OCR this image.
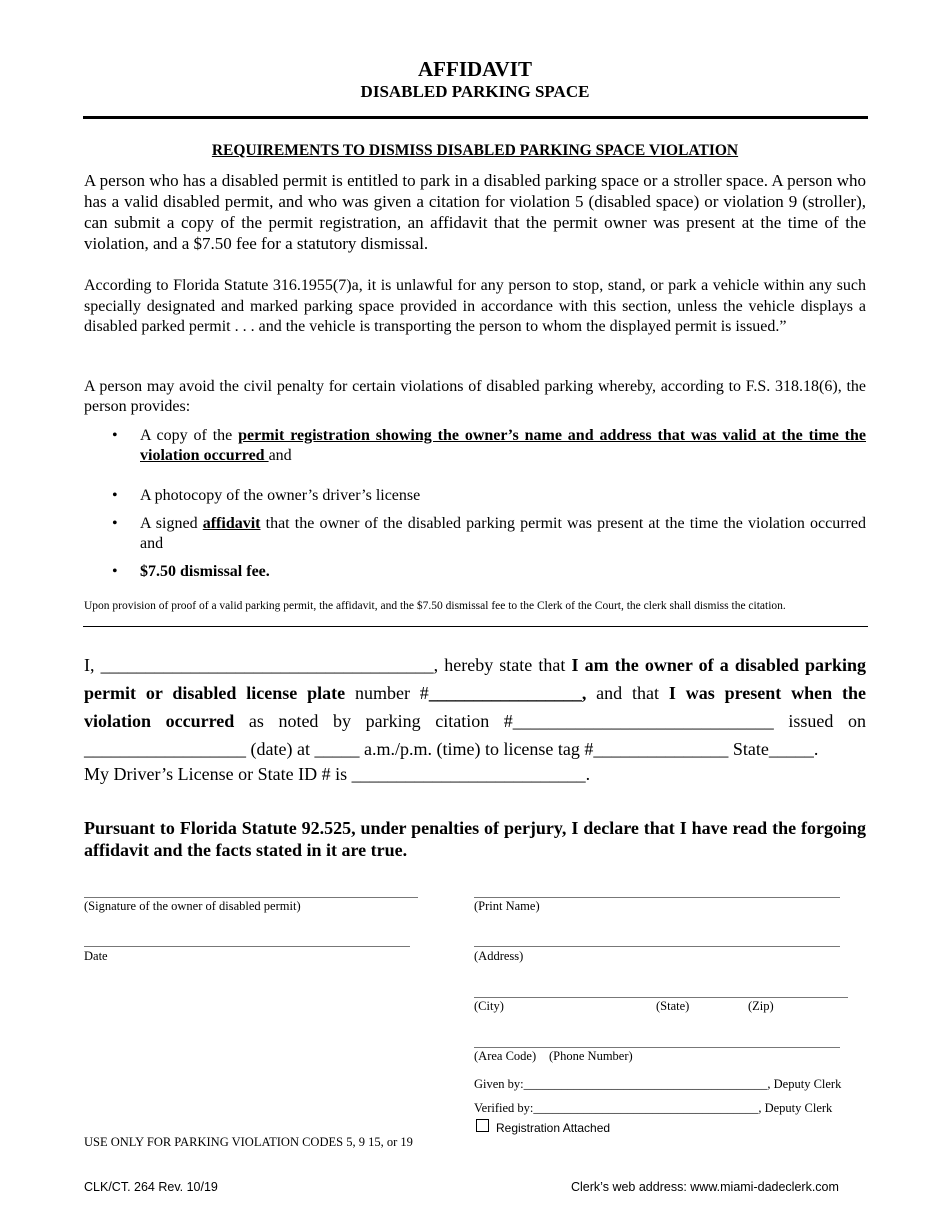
AFFIDAVIT
DISABLED PARKING SPACE
REQUIREMENTS TO DISMISS DISABLED PARKING SPACE VIOLATION
A person who has a disabled permit is entitled to park in a disabled parking space or a stroller space. A person who has a valid disabled permit, and who was given a citation for violation 5 (disabled space) or violation 9 (stroller), can submit a copy of the permit registration, an affidavit that the permit owner was present at the time of the violation, and a $7.50 fee for a statutory dismissal.
According to Florida Statute 316.1955(7)a, it is unlawful for any person to stop, stand, or park a vehicle within any such specially designated and marked parking space provided in accordance with this section, unless the vehicle displays a disabled parked permit . . . and the vehicle is transporting the person to whom the displayed permit is issued.”
A person may avoid the civil penalty for certain violations of disabled parking whereby, according to F.S. 318.18(6), the person provides:
• A copy of the permit registration showing the owner’s name and address that was valid at the time the violation occurred and
• A photocopy of the owner’s driver’s license
• A signed affidavit that the owner of the disabled parking permit was present at the time the violation occurred and
• $7.50 dismissal fee.
Upon provision of proof of a valid parking permit, the affidavit, and the $7.50 dismissal fee to the Clerk of the Court, the clerk shall dismiss the citation.
I, _____________________________________, hereby state that I am the owner of a disabled parking permit or disabled license plate number #_________________, and that I was present when the violation occurred as noted by parking citation #_____________________________ issued on __________________ (date) at _____ a.m./p.m. (time) to license tag #_______________ State_____.
My Driver’s License or State ID # is __________________________.
Pursuant to Florida Statute 92.525, under penalties of perjury, I declare that I have read the forgoing affidavit and the facts stated in it are true.
(Signature of the owner of disabled permit)
Date
(Print Name)
(Address)
(City)	(State)	(Zip)
(Area Code) (Phone Number)
Given by:_______________________________________, Deputy Clerk
Verified by:____________________________________, Deputy Clerk
Registration Attached
USE ONLY FOR PARKING VIOLATION CODES 5, 9 15, or 19
CLK/CT. 264 Rev. 10/19	Clerk’s web address: www.miami-dadeclerk.com
